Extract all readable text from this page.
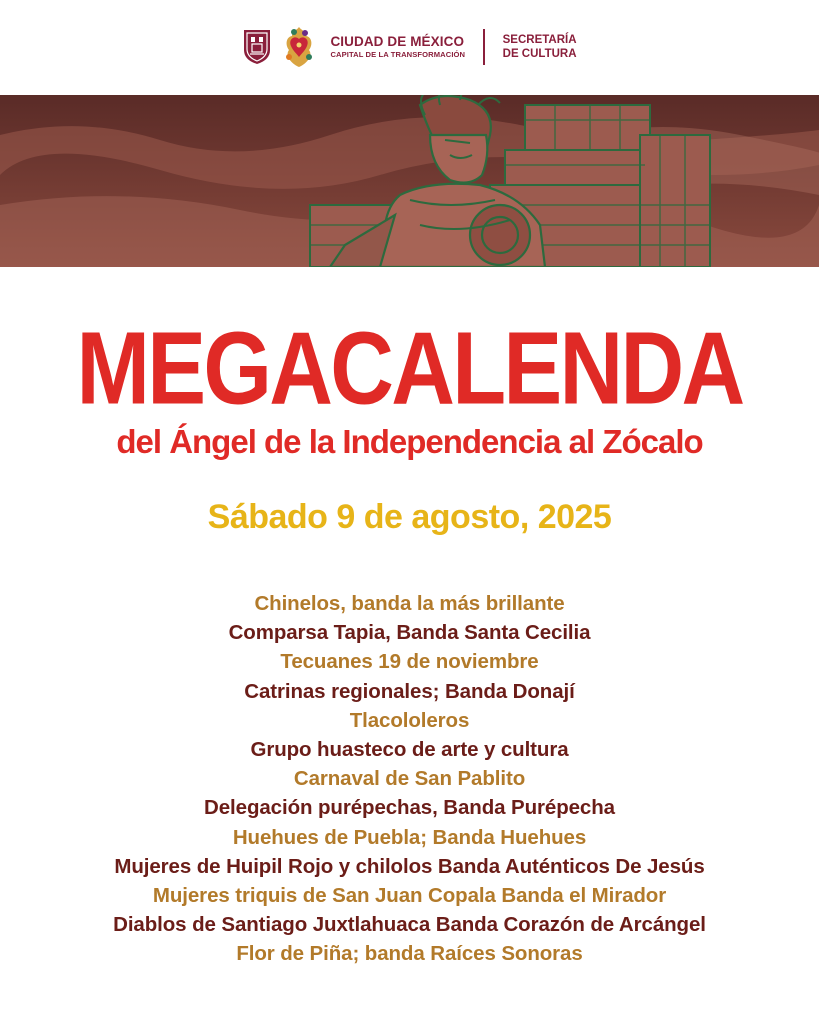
CIUDAD DE MÉXICO
CAPITAL DE LA TRANSFORMACIÓN
SECRETARÍA
DE CULTURA
MEGACALENDA
del Ángel de la Independencia al Zócalo
Sábado 9 de agosto, 2025
Chinelos, banda la más brillante
Comparsa Tapia, Banda Santa Cecilia
Tecuanes 19 de noviembre
Catrinas regionales; Banda Donají
Tlacololeros
Grupo huasteco de arte y cultura
Carnaval de San Pablito
Delegación purépechas, Banda Purépecha
Huehues de Puebla; Banda Huehues
Mujeres de Huipil Rojo y chilolos Banda Auténticos De Jesús
Mujeres triquis de San Juan Copala Banda el Mirador
Diablos de Santiago Juxtlahuaca Banda Corazón de Arcángel
Flor de Piña; banda Raíces Sonoras
